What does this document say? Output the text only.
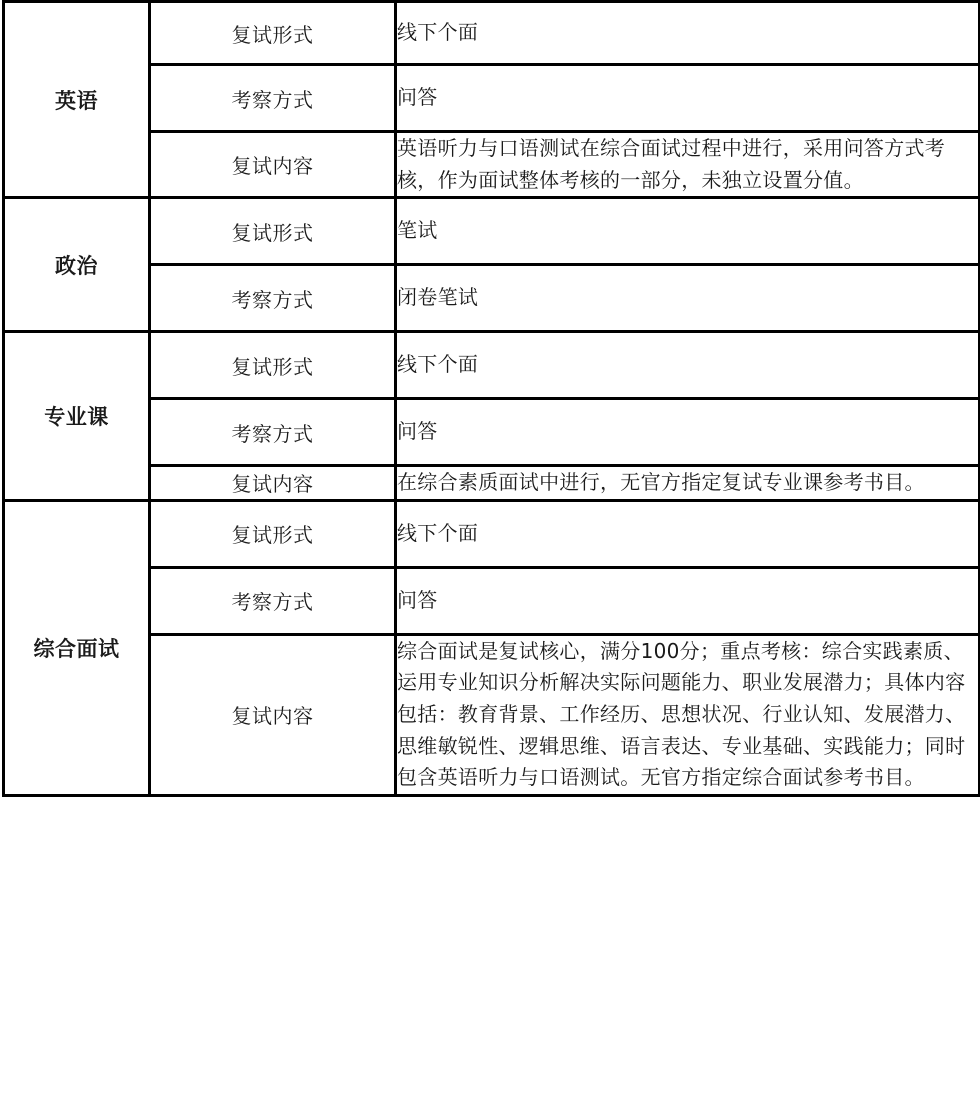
英语	复试形式	线下个面
	考察方式	问答
	复试内容	英语听力与口语测试在综合面试过程中进行，采用问答方式考核，作为面试整体考核的一部分，未独立设置分值。
政治	复试形式	笔试
	考察方式	闭卷笔试
专业课	复试形式	线下个面
	考察方式	问答
	复试内容	在综合素质面试中进行，无官方指定复试专业课参考书目。
综合面试	复试形式	线下个面
	考察方式	问答
	复试内容	综合面试是复试核心，满分100分；重点考核：综合实践素质、运用专业知识分析解决实际问题能力、职业发展潜力；具体内容包括：教育背景、工作经历、思想状况、行业认知、发展潜力、思维敏锐性、逻辑思维、语言表达、专业基础、实践能力；同时包含英语听力与口语测试。无官方指定综合面试参考书目。
